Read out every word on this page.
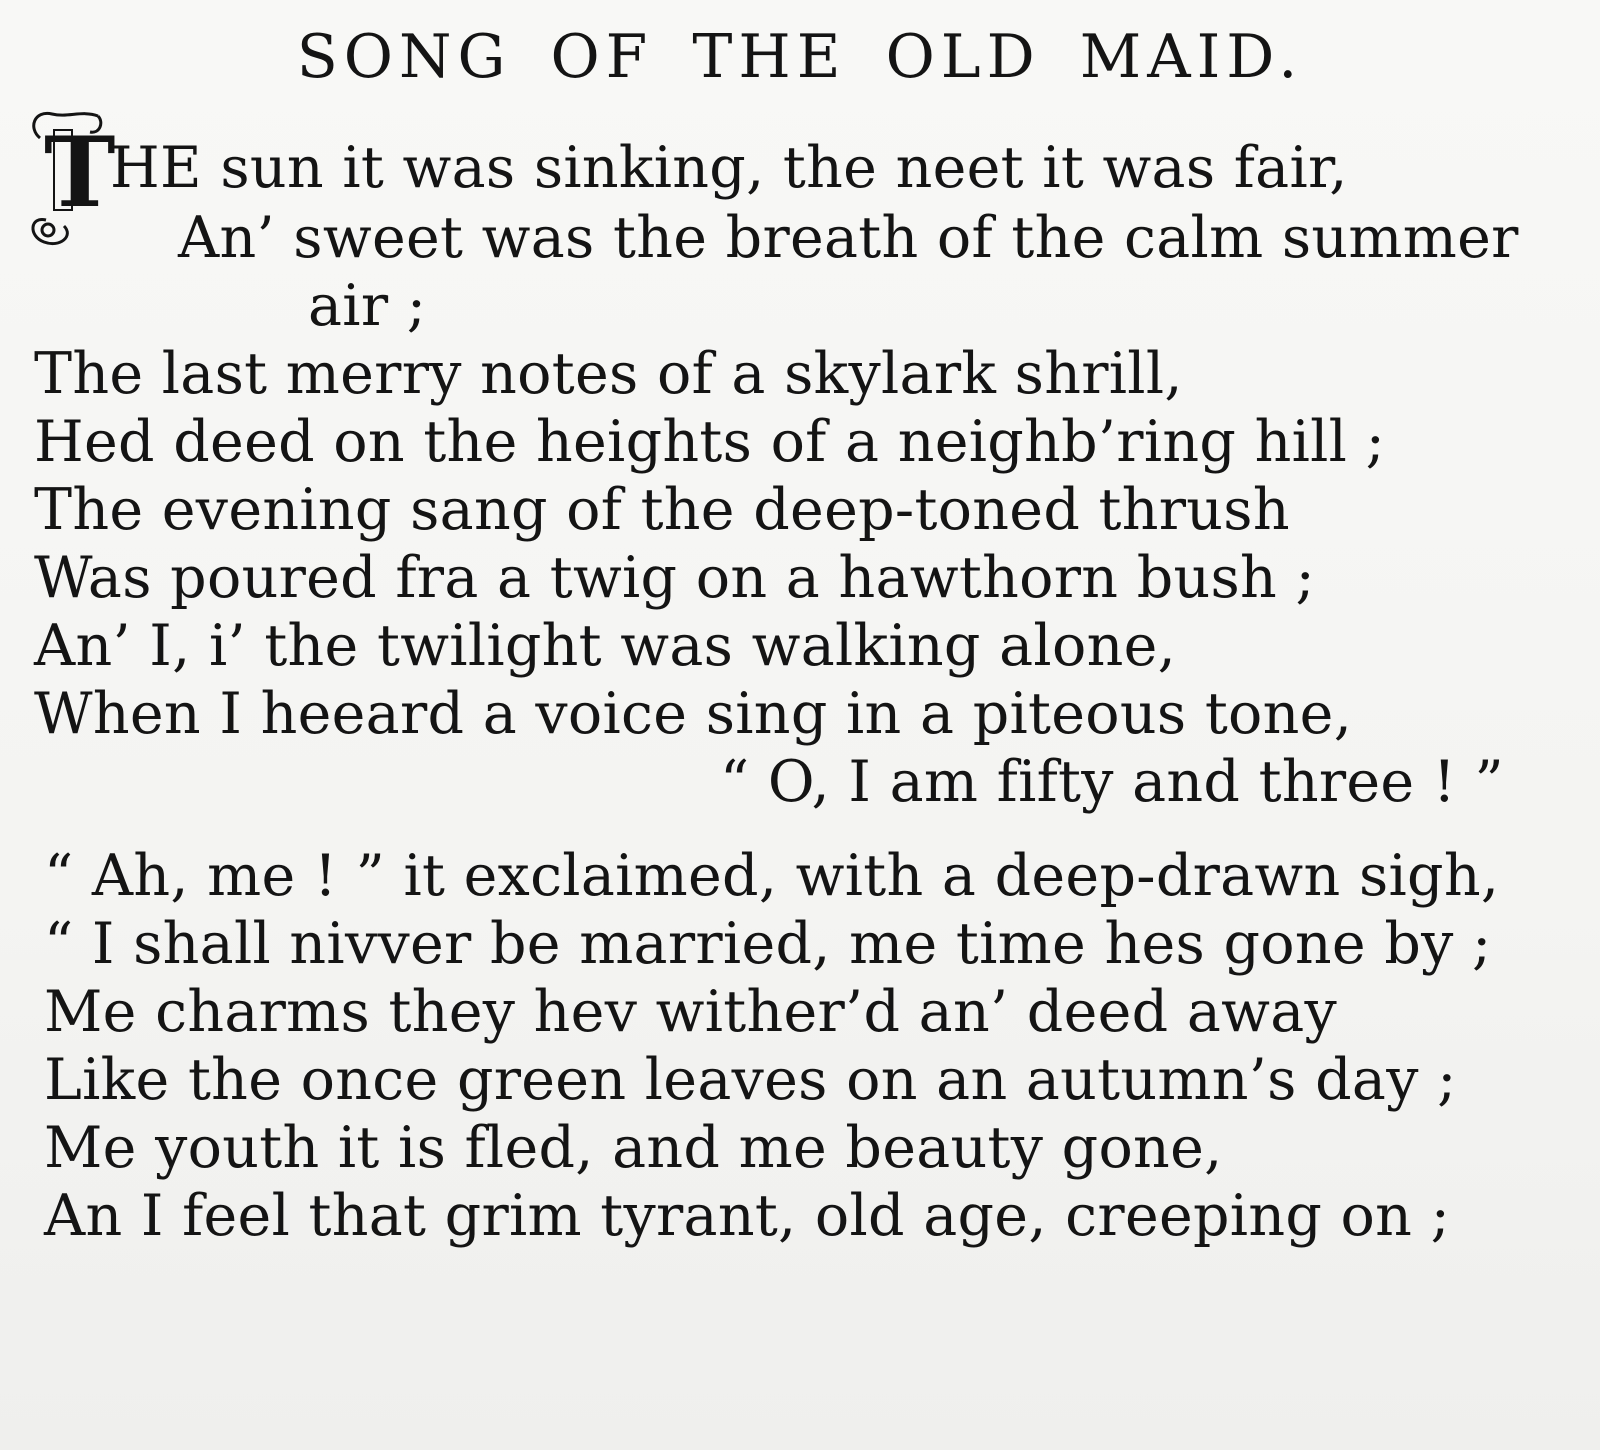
SONG OF THE OLD MAID.
T
HE sun it was sinking, the neet it was fair,
An’ sweet was the breath of the calm summer
air ;
The last merry notes of a skylark shrill,
Hed deed on the heights of a neighb’ring hill ;
The evening sang of the deep-toned thrush
Was poured fra a twig on a hawthorn bush ;
An’ I, i’ the twilight was walking alone,
When I heeard a voice sing in a piteous tone,
“ O, I am fifty and three ! ”
“ Ah, me ! ” it exclaimed, with a deep-drawn sigh,
“ I shall nivver be married, me time hes gone by ;
Me charms they hev wither’d an’ deed away
Like the once green leaves on an autumn’s day ;
Me youth it is fled, and me beauty gone,
An I feel that grim tyrant, old age, creeping on ;
